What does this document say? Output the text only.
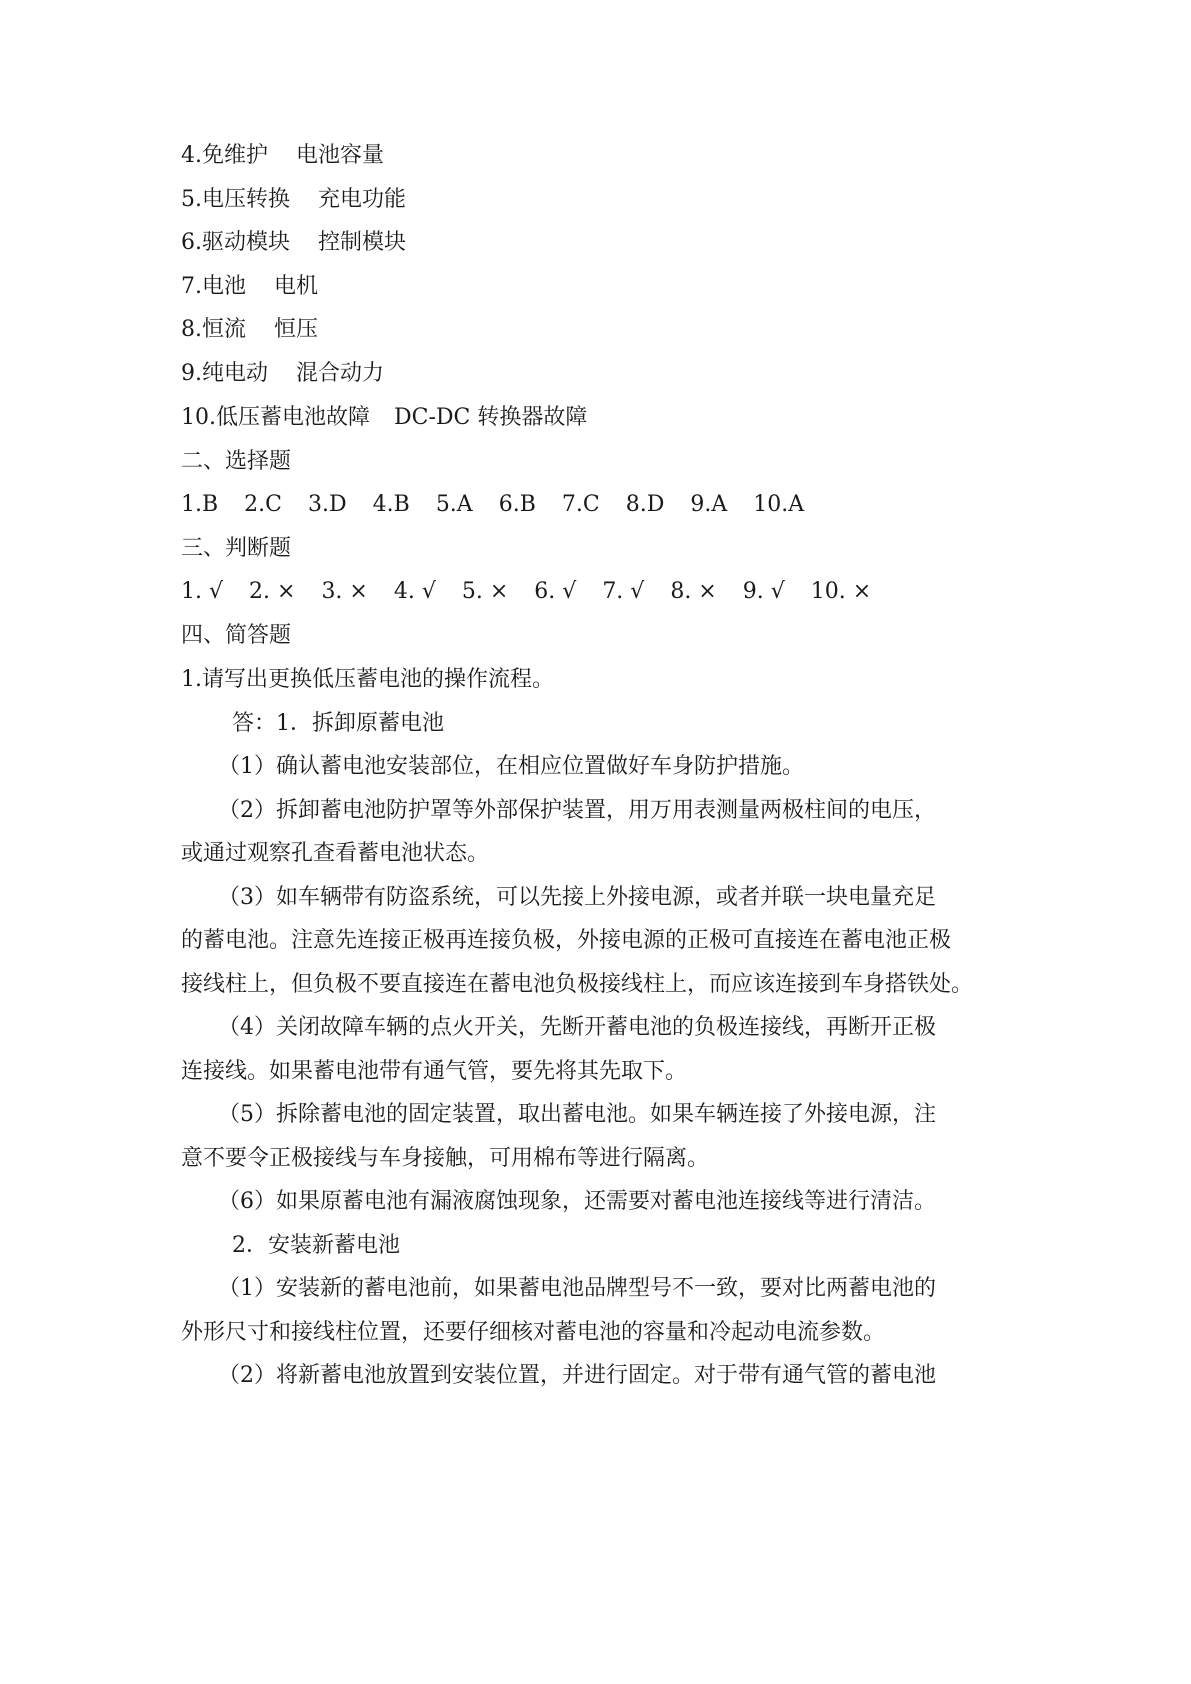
4.免维护 电池容量
5.电压转换 充电功能
6.驱动模块 控制模块
7.电池 电机
8.恒流 恒压
9.纯电动 混合动力
10.低压蓄电池故障 DC-DC 转换器故障
二、选择题
1.B 2.C 3.D 4.B 5.A 6.B 7.C 8.D 9.A 10.A
三、判断题
1. √ 2. × 3. × 4. √ 5. × 6. √ 7. √ 8. × 9. √ 10. ×
四、简答题
1.请写出更换低压蓄电池的操作流程。
答：1．拆卸原蓄电池
（1）确认蓄电池安装部位，在相应位置做好车身防护措施。
（2）拆卸蓄电池防护罩等外部保护装置，用万用表测量两极柱间的电压，
或通过观察孔查看蓄电池状态。
（3）如车辆带有防盗系统，可以先接上外接电源，或者并联一块电量充足
的蓄电池。注意先连接正极再连接负极，外接电源的正极可直接连在蓄电池正极
接线柱上，但负极不要直接连在蓄电池负极接线柱上，而应该连接到车身搭铁处。
（4）关闭故障车辆的点火开关，先断开蓄电池的负极连接线，再断开正极
连接线。如果蓄电池带有通气管，要先将其先取下。
（5）拆除蓄电池的固定装置，取出蓄电池。如果车辆连接了外接电源，注
意不要令正极接线与车身接触，可用棉布等进行隔离。
（6）如果原蓄电池有漏液腐蚀现象，还需要对蓄电池连接线等进行清洁。
2．安装新蓄电池
（1）安装新的蓄电池前，如果蓄电池品牌型号不一致，要对比两蓄电池的
外形尺寸和接线柱位置，还要仔细核对蓄电池的容量和冷起动电流参数。
（2）将新蓄电池放置到安装位置，并进行固定。对于带有通气管的蓄电池
